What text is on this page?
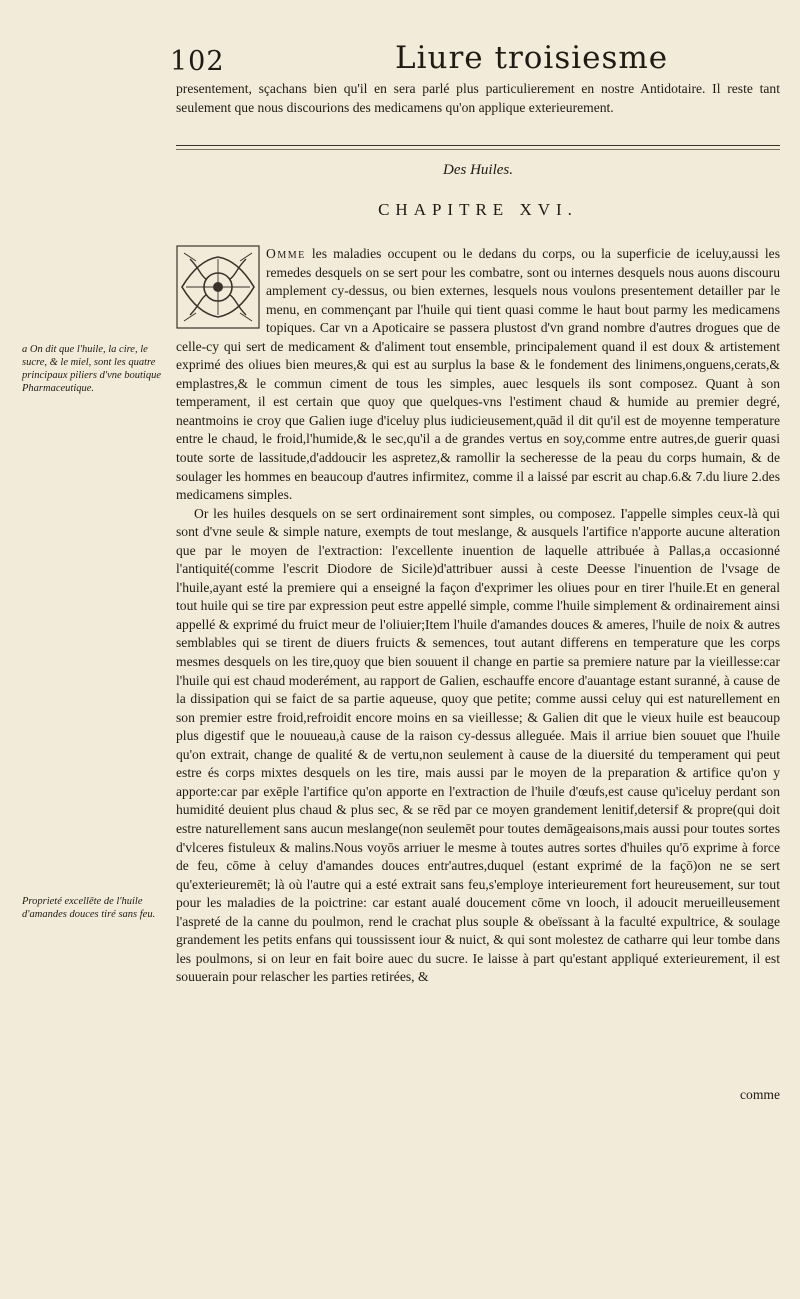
102	Liure troisiesme

presentement, sçachans bien qu'il en sera parlé plus particulierement en nostre Antidotaire. Il reste tant seulement que nous discourions des medicamens qu'on applique exterieurement.

Des Huiles.
CHAPITRE XVI.

Omme les maladies occupent ou le dedans du corps, ou la superficie de iceluy,aussi les remedes desquels on se sert pour les combatre, sont ou internes desquels nous auons discouru amplement cy-dessus, ou bien externes, lesquels nous voulons presentement detailler par le menu, en commençant par l'huile qui tient quasi comme le haut bout parmy les medicamens topiques. Car vn a Apoticaire se passera plustost d'vn grand nombre d'autres drogues que de celle-cy qui sert de medicament & d'aliment tout ensemble, principalement quand il est doux & artistement exprimé des oliues bien meures,& qui est au surplus la base & le fondement des linimens,onguens,cerats,& emplastres,& le commun ciment de tous les simples, auec lesquels ils sont composez. Quant à son temperament, il est certain que quoy que quelques-vns l'estiment chaud & humide au premier degré, neantmoins ie croy que Galien iuge d'iceluy plus iudicieusement,quād il dit qu'il est de moyenne temperature entre le chaud, le froid,l'humide,& le sec,qu'il a de grandes vertus en soy,comme entre autres,de guerir quasi toute sorte de lassitude,d'addoucir les aspretez,& ramollir la secheresse de la peau du corps humain, & de soulager les hommes en beaucoup d'autres infirmitez, comme il a laissé par escrit au chap.6.& 7.du liure 2.des medicamens simples.

Or les huiles desquels on se sert ordinairement sont simples, ou composez. I'appelle simples ceux-là qui sont d'vne seule & simple nature, exempts de tout meslange, & ausquels l'artifice n'apporte aucune alteration que par le moyen de l'extraction: l'excellente inuention de laquelle attribuée à Pallas,a occasionné l'antiquité(comme l'escrit Diodore de Sicile)d'attribuer aussi à ceste Deesse l'inuention de l'vsage de l'huile,ayant esté la premiere qui a enseigné la façon d'exprimer les oliues pour en tirer l'huile.Et en general tout huile qui se tire par expression peut estre appellé simple, comme l'huile simplement & ordinairement ainsi appellé & exprimé du fruict meur de l'oliuier;Item l'huile d'amandes douces & ameres, l'huile de noix & autres semblables qui se tirent de diuers fruicts & semences, tout autant differens en temperature que les corps mesmes desquels on les tire,quoy que bien souuent il change en partie sa premiere nature par la vieillesse:car l'huile qui est chaud moderément, au rapport de Galien, eschauffe encore d'auantage estant suranné, à cause de la dissipation qui se faict de sa partie aqueuse, quoy que petite; comme aussi celuy qui est naturellement en son premier estre froid,refroidit encore moins en sa vieillesse; & Galien dit que le vieux huile est beaucoup plus digestif que le nouueau,à cause de la raison cy-dessus alleguée. Mais il arriue bien souuet que l'huile qu'on extrait, change de qualité & de vertu,non seulement à cause de la diuersité du temperament qui peut estre és corps mixtes desquels on les tire, mais aussi par le moyen de la preparation & artifice qu'on y apporte:car par exēple l'artifice qu'on apporte en l'extraction de l'huile d'œufs,est cause qu'iceluy perdant son humidité deuient plus chaud & plus sec, & se rēd par ce moyen grandement lenitif,detersif & propre(qui doit estre naturellement sans aucun meslange(non seulemēt pour toutes demāgeaisons,mais aussi pour toutes sortes d'vlceres fistuleux & malins.Nous voyōs arriuer le mesme à toutes autres sortes d'huiles qu'ō exprime à force de feu, cōme à celuy d'amandes douces entr'autres,duquel (estant exprimé de la façō)on ne se sert qu'exterieuremēt; là où l'autre qui a esté extrait sans feu,s'employe interieurement fort heureusement, sur tout pour les maladies de la poictrine: car estant aualé doucement cōme vn looch, il adoucit merueilleusement l'aspreté de la canne du poulmon, rend le crachat plus souple & obeïssant à la faculté expultrice, & soulage grandement les petits enfans qui toussissent iour & nuict, & qui sont molestez de catharre qui leur tombe dans les poulmons, si on leur en fait boire auec du sucre. Ie laisse à part qu'estant appliqué exterieurement, il est souuerain pour relascher les parties retirées, &

comme
a On dit que l'huile, la cire, le sucre, & le miel, sont les quatre principaux piliers d'vne boutique Pharmaceutique.
Proprieté excellēte de l'huile d'amandes douces tiré sans feu.
